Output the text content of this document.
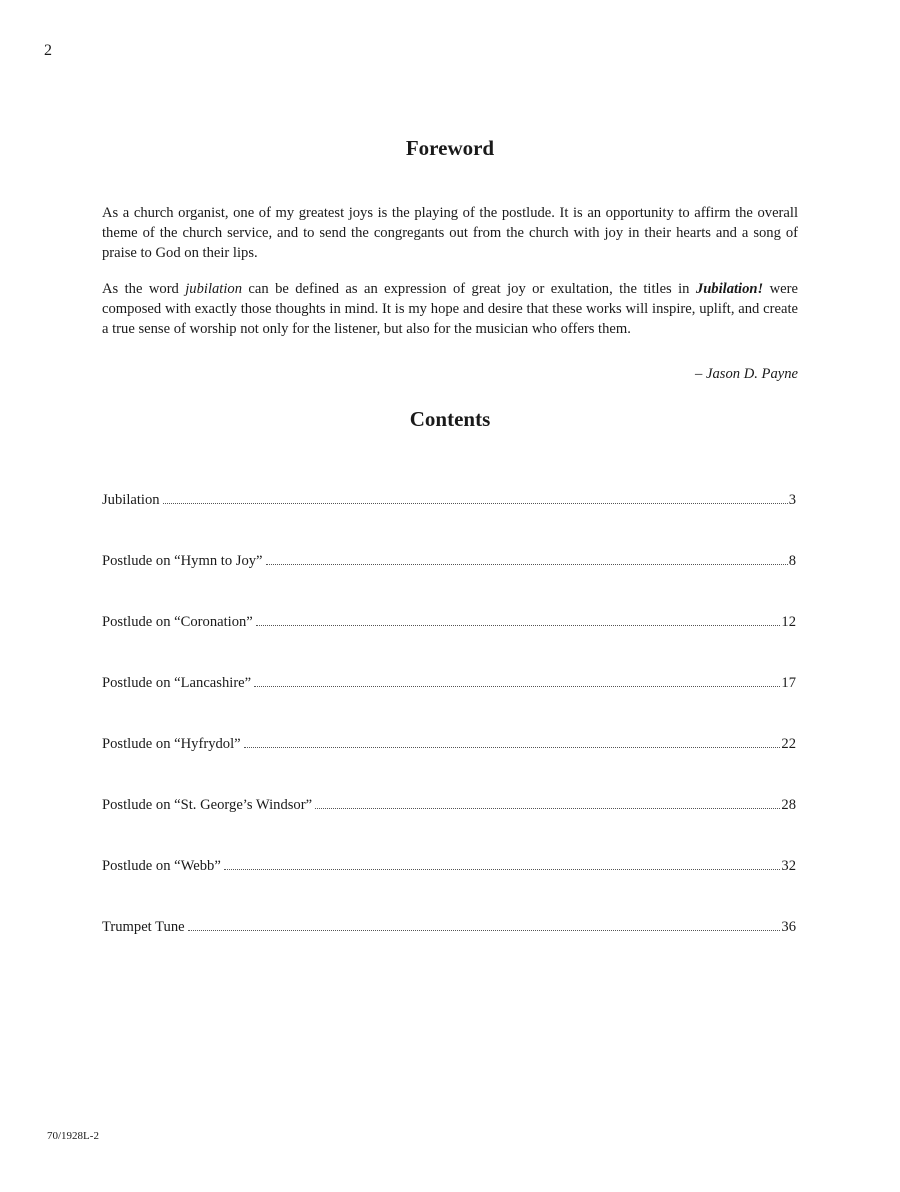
2
Foreword

As a church organist, one of my greatest joys is the playing of the postlude. It is an opportunity to affirm the overall theme of the church service, and to send the congregants out from the church with joy in their hearts and a song of praise to God on their lips.

As the word jubilation can be defined as an expression of great joy or exultation, the titles in Jubilation! were composed with exactly those thoughts in mind. It is my hope and desire that these works will inspire, uplift, and create a true sense of worship not only for the listener, but also for the musician who offers them.

– Jason D. Payne
Contents
Jubilation	3
Postlude on “Hymn to Joy”	8
Postlude on “Coronation”	12
Postlude on “Lancashire”	17
Postlude on “Hyfrydol”	22
Postlude on “St. George’s Windsor”	28
Postlude on “Webb”	32
Trumpet Tune	36
70/1928L-2
